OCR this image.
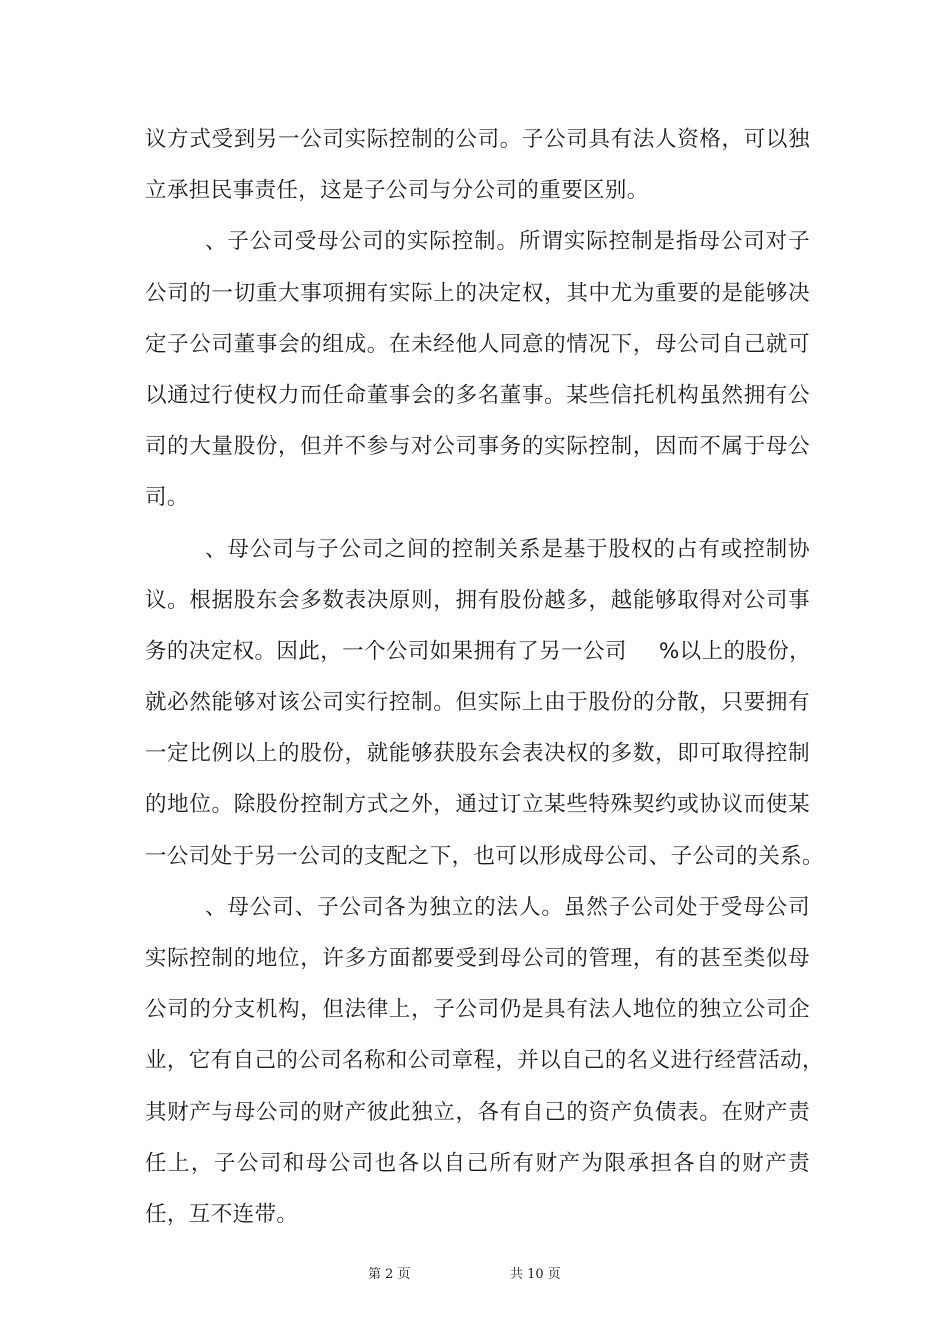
议方式受到另一公司实际控制的公司。子公司具有法人资格，可以独
立承担民事责任，这是子公司与分公司的重要区别。
、子公司受母公司的实际控制。所谓实际控制是指母公司对子
公司的一切重大事项拥有实际上的决定权，其中尤为重要的是能够决
定子公司董事会的组成。在未经他人同意的情况下，母公司自己就可
以通过行使权力而任命董事会的多名董事。某些信托机构虽然拥有公
司的大量股份，但并不参与对公司事务的实际控制，因而不属于母公
司。
、母公司与子公司之间的控制关系是基于股权的占有或控制协
议。根据股东会多数表决原则，拥有股份越多，越能够取得对公司事
务的决定权。因此，一个公司如果拥有了另一公司 %以上的股份，
就必然能够对该公司实行控制。但实际上由于股份的分散，只要拥有
一定比例以上的股份，就能够获股东会表决权的多数，即可取得控制
的地位。除股份控制方式之外，通过订立某些特殊契约或协议而使某
一公司处于另一公司的支配之下，也可以形成母公司、子公司的关系。
、母公司、子公司各为独立的法人。虽然子公司处于受母公司
实际控制的地位，许多方面都要受到母公司的管理，有的甚至类似母
公司的分支机构，但法律上，子公司仍是具有法人地位的独立公司企
业，它有自己的公司名称和公司章程，并以自己的名义进行经营活动，
其财产与母公司的财产彼此独立，各有自己的资产负债表。在财产责
任上，子公司和母公司也各以自己所有财产为限承担各自的财产责
任，互不连带。
第 2 页	共 10 页
